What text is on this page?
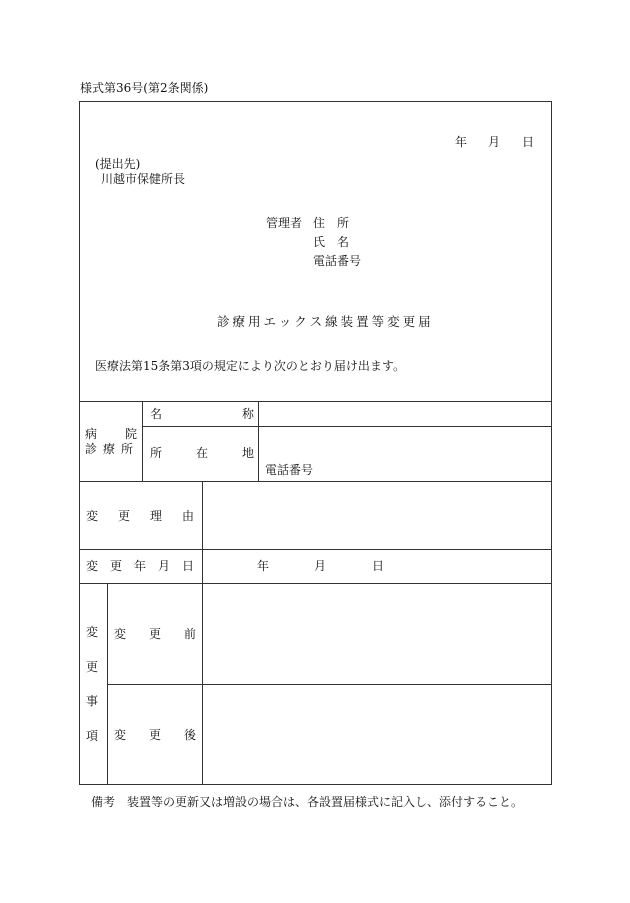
様式第36号(第2条関係)
年 月 日
(提出先)
川越市保健所長
管理者 住　所
氏　名
電話番号
診療用エックス線装置等変更届
医療法第15条第3項の規定により次のとおり届け出ます。
病 院
診療所
名	称
所	在	地
電話番号
変 更 理 由
変 更 年 月 日	年	月	日
変
更
事
項
変 更 前
変 更 後
備考　装置等の更新又は増設の場合は、各設置届様式に記入し、添付すること。
